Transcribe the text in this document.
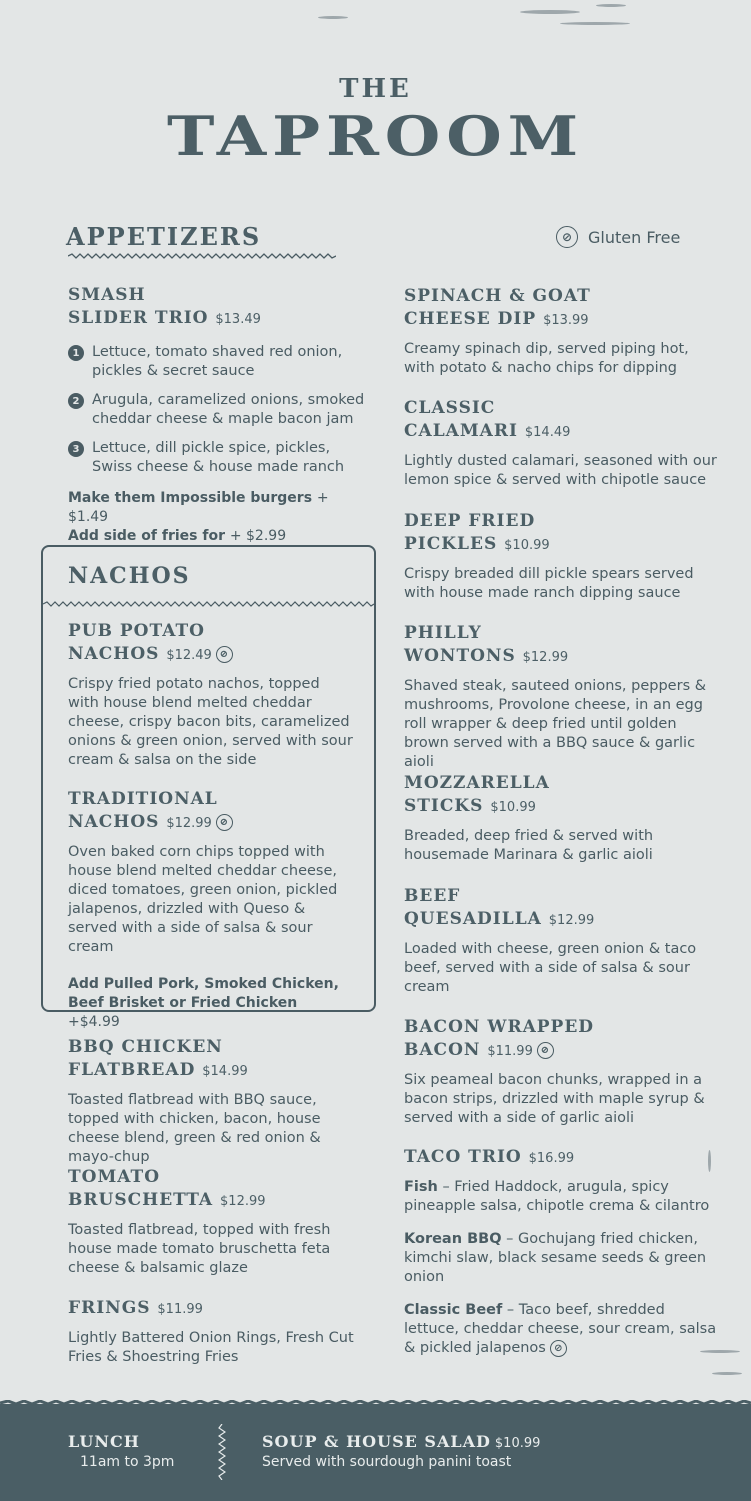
THE
TAPROOM
APPETIZERS	⊘ Gluten Free
SMASH
SLIDER TRIO $13.49
1 Lettuce, tomato shaved red onion, pickles & secret sauce
2 Arugula, caramelized onions, smoked cheddar cheese & maple bacon jam
3 Lettuce, dill pickle spice, pickles, Swiss cheese & house made ranch
Make them Impossible burgers + $1.49
Add side of fries for + $2.99
NACHOS
PUB POTATO
NACHOS $12.49 ⊘
Crispy fried potato nachos, topped with house blend melted cheddar cheese, crispy bacon bits, caramelized onions & green onion, served with sour cream & salsa on the side
TRADITIONAL
NACHOS $12.99 ⊘
Oven baked corn chips topped with house blend melted cheddar cheese, diced tomatoes, green onion, pickled jalapenos, drizzled with Queso & served with a side of salsa & sour cream
Add Pulled Pork, Smoked Chicken,
Beef Brisket or Fried Chicken +$4.99
BBQ CHICKEN
FLATBREAD $14.99
Toasted flatbread with BBQ sauce, topped with chicken, bacon, house cheese blend, green & red onion & mayo-chup
TOMATO
BRUSCHETTA $12.99
Toasted flatbread, topped with fresh house made tomato bruschetta feta cheese & balsamic glaze
FRINGS $11.99
Lightly Battered Onion Rings, Fresh Cut Fries & Shoestring Fries
SPINACH & GOAT
CHEESE DIP $13.99
Creamy spinach dip, served piping hot, with potato & nacho chips for dipping
CLASSIC
CALAMARI $14.49
Lightly dusted calamari, seasoned with our lemon spice & served with chipotle sauce
DEEP FRIED
PICKLES $10.99
Crispy breaded dill pickle spears served with house made ranch dipping sauce
PHILLY
WONTONS $12.99
Shaved steak, sauteed onions, peppers & mushrooms, Provolone cheese, in an egg roll wrapper & deep fried until golden brown served with a BBQ sauce & garlic aioli
MOZZARELLA
STICKS $10.99
Breaded, deep fried & served with housemade Marinara & garlic aioli
BEEF
QUESADILLA $12.99
Loaded with cheese, green onion & taco beef, served with a side of salsa & sour cream
BACON WRAPPED
BACON $11.99 ⊘
Six peameal bacon chunks, wrapped in a bacon strips, drizzled with maple syrup & served with a side of garlic aioli
TACO TRIO $16.99
Fish – Fried Haddock, arugula, spicy pineapple salsa, chipotle crema & cilantro
Korean BBQ – Gochujang fried chicken, kimchi slaw, black sesame seeds & green onion
Classic Beef – Taco beef, shredded lettuce, cheddar cheese, sour cream, salsa & pickled jalapenos ⊘
LUNCH
11am to 3pm
SOUP & HOUSE SALAD $10.99
Served with sourdough panini toast
